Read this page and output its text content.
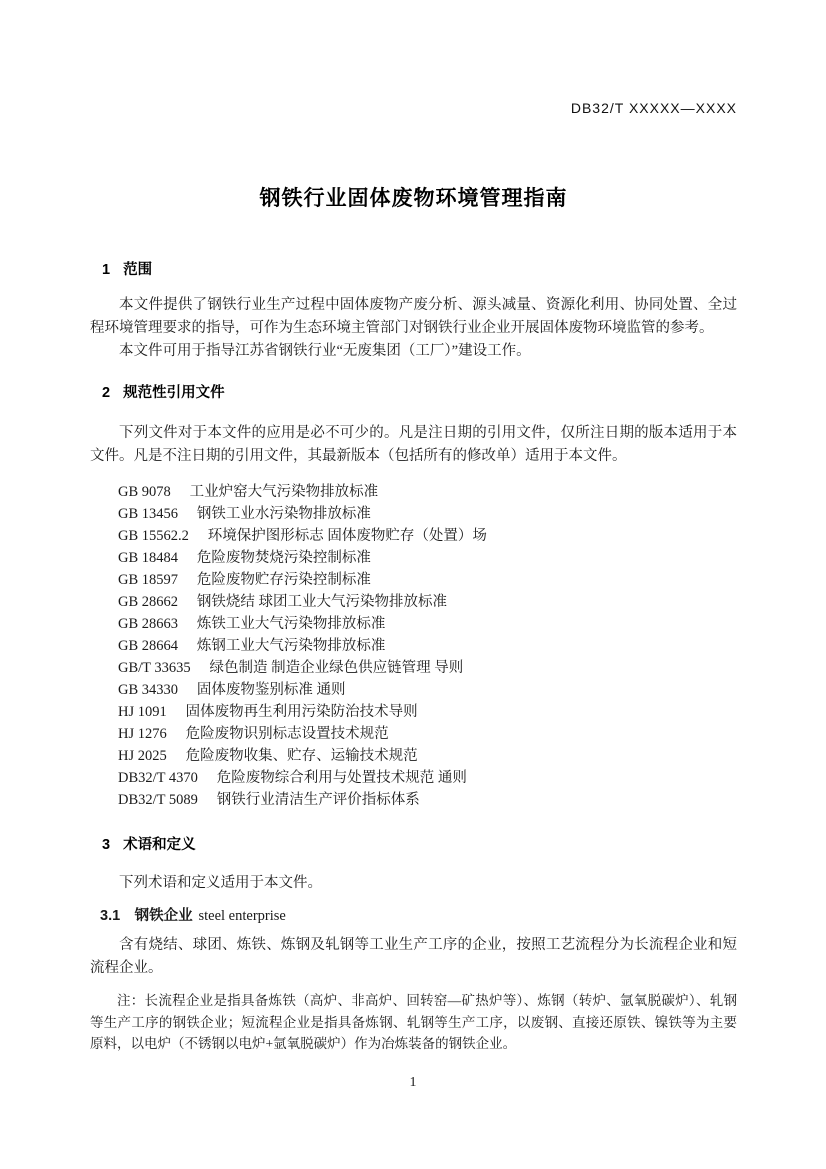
DB32/T XXXXX—XXXX
钢铁行业固体废物环境管理指南
1 范围

本文件提供了钢铁行业生产过程中固体废物产废分析、源头减量、资源化利用、协同处置、全过程环境管理要求的指导，可作为生态环境主管部门对钢铁行业企业开展固体废物环境监管的参考。

本文件可用于指导江苏省钢铁行业“无废集团（工厂）”建设工作。

2 规范性引用文件

下列文件对于本文件的应用是必不可少的。凡是注日期的引用文件，仅所注日期的版本适用于本文件。凡是不注日期的引用文件，其最新版本（包括所有的修改单）适用于本文件。

GB 9078 工业炉窑大气污染物排放标准
GB 13456 钢铁工业水污染物排放标准
GB 15562.2 环境保护图形标志 固体废物贮存（处置）场
GB 18484 危险废物焚烧污染控制标准
GB 18597 危险废物贮存污染控制标准
GB 28662 钢铁烧结 球团工业大气污染物排放标准
GB 28663 炼铁工业大气污染物排放标准
GB 28664 炼钢工业大气污染物排放标准
GB/T 33635 绿色制造 制造企业绿色供应链管理 导则
GB 34330 固体废物鉴别标准 通则
HJ 1091 固体废物再生利用污染防治技术导则
HJ 1276 危险废物识别标志设置技术规范
HJ 2025 危险废物收集、贮存、运输技术规范
DB32/T 4370 危险废物综合利用与处置技术规范 通则
DB32/T 5089 钢铁行业清洁生产评价指标体系
3 术语和定义

下列术语和定义适用于本文件。

3.1 钢铁企业 steel enterprise

含有烧结、球团、炼铁、炼钢及轧钢等工业生产工序的企业，按照工艺流程分为长流程企业和短流程企业。

注：长流程企业是指具备炼铁（高炉、非高炉、回转窑—矿热炉等）、炼钢（转炉、氩氧脱碳炉）、轧钢等生产工序的钢铁企业；短流程企业是指具备炼钢、轧钢等生产工序，以废钢、直接还原铁、镍铁等为主要原料，以电炉（不锈钢以电炉+氩氧脱碳炉）作为冶炼装备的钢铁企业。

1
